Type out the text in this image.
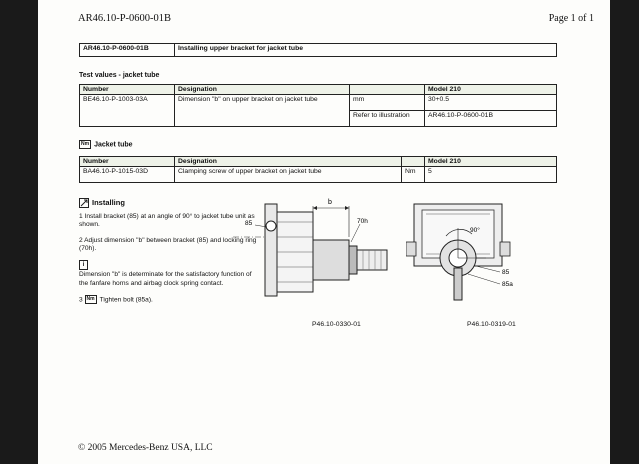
AR46.10-P-0600-01B	Page 1 of 1
AR46.10-P-0600-01B	Installing upper bracket for jacket tube
Test values - jacket tube
Number	Designation		Model 210
BE46.10-P-1003-03A	Dimension "b" on upper bracket on jacket tube	mm	30+0.5
		Refer to illustration	AR46.10-P-0600-01B
Nm Jacket tube
Number	Designation		Model 210
BA46.10-P-1015-03D	Clamping screw of upper bracket on jacket tube	Nm	5
Installing

1 Install bracket (85) at an angle of 90° to jacket tube unit as shown.

2 Adjust dimension "b" between bracket (85) and locking ring (70h).

i

Dimension "b" is determinate for the satisfactory function of the fanfare horns and airbag clock spring contact.

3 Nm Tighten bolt (85a).

85
b
70h
P46.10-0330-01
90°
85
85a
P46.10-0319-01
© 2005 Mercedes-Benz USA, LLC
